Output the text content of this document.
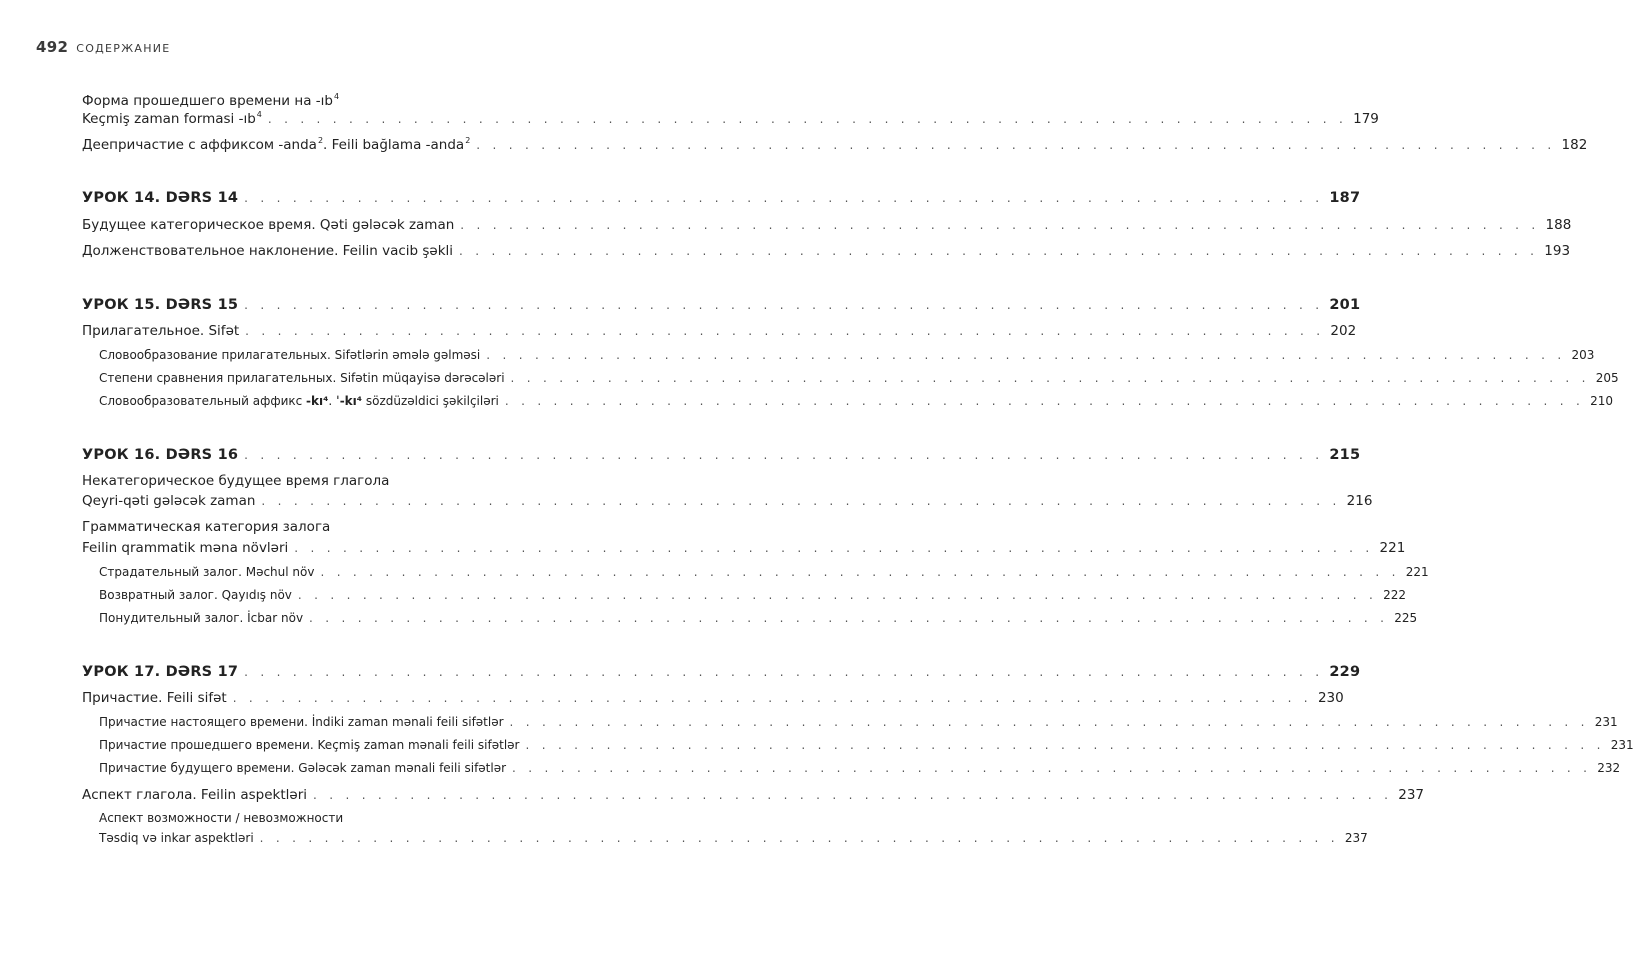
492 СОДЕРЖАНИЕ
Форма прошедшего времени на $-ıb^4$
Keçmiş zaman formasi $-ıb^4$ . . . . . . . . . . . . . . . . . . . . . . . . . . . . . . . . . . . . . . . . . . . . . . . . . . . . . . . . . . . . . . . . . . . 179
Деепричастие с аффиксом -anda$^2$. Feili bağlama -anda$^2$ . . . . . . . . . . . . . . . . . . . . . . . . . . . . . . . . . . . . . . . . . . . . . . . . . . . . . . . . . . . . . . . . . . . 182
УРОК 14. DƏRS 14 . . . . . . . . . . . . . . . . . . . . . . . . . . . . . . . . . . . . . . . . . . . . . . . . . . . . . . . . . . . . . . . . . . . 187
Будущее категорическое время. Qəti gələcək zaman . . . . . . . . . . . . . . . . . . . . . . . . . . . . . . . . . . . . . . . . . . . . . . . . . . . . . . . . . . . . . . . . . . . 188
Долженствовательное наклонение. Feilin vacib şəkli . . . . . . . . . . . . . . . . . . . . . . . . . . . . . . . . . . . . . . . . . . . . . . . . . . . . . . . . . . . . . . . . . . . 193
УРОК 15. DƏRS 15 . . . . . . . . . . . . . . . . . . . . . . . . . . . . . . . . . . . . . . . . . . . . . . . . . . . . . . . . . . . . . . . . . . . 201
Прилагательное. Sifət . . . . . . . . . . . . . . . . . . . . . . . . . . . . . . . . . . . . . . . . . . . . . . . . . . . . . . . . . . . . . . . . . . . 202
Словообразование прилагательных. Sifətlərin əmələ gəlməsi . . . . . . . . . . . . . . . . . . . . . . . . . . . . . . . . . . . . . . . . . . . . . . . . . . . . . . . . . . . . . . . . . . . 203
Степени сравнения прилагательных. Sifətin müqayisə dərəcələri . . . . . . . . . . . . . . . . . . . . . . . . . . . . . . . . . . . . . . . . . . . . . . . . . . . . . . . . . . . . . . . . . . . 205
Словообразовательный аффикс -kı⁴. ˈ-kı⁴ sözdüzəldici şəkilçiləri . . . . . . . . . . . . . . . . . . . . . . . . . . . . . . . . . . . . . . . . . . . . . . . . . . . . . . . . . . . . . . . . . . . 210
УРОК 16. DƏRS 16 . . . . . . . . . . . . . . . . . . . . . . . . . . . . . . . . . . . . . . . . . . . . . . . . . . . . . . . . . . . . . . . . . . . 215
Некатегорическое будущее время глагола
Qeyri-qəti gələcək zaman . . . . . . . . . . . . . . . . . . . . . . . . . . . . . . . . . . . . . . . . . . . . . . . . . . . . . . . . . . . . . . . . . . . 216
Грамматическая категория залога
Feilin qrammatik məna növləri . . . . . . . . . . . . . . . . . . . . . . . . . . . . . . . . . . . . . . . . . . . . . . . . . . . . . . . . . . . . . . . . . . . 221
Страдательный залог. Məchul növ . . . . . . . . . . . . . . . . . . . . . . . . . . . . . . . . . . . . . . . . . . . . . . . . . . . . . . . . . . . . . . . . . . . 221
Возвратный залог. Qayıdış növ . . . . . . . . . . . . . . . . . . . . . . . . . . . . . . . . . . . . . . . . . . . . . . . . . . . . . . . . . . . . . . . . . . . 222
Понудительный залог. İcbar növ . . . . . . . . . . . . . . . . . . . . . . . . . . . . . . . . . . . . . . . . . . . . . . . . . . . . . . . . . . . . . . . . . . . 225
УРОК 17. DƏRS 17 . . . . . . . . . . . . . . . . . . . . . . . . . . . . . . . . . . . . . . . . . . . . . . . . . . . . . . . . . . . . . . . . . . . 229
Причастие. Feili sifət . . . . . . . . . . . . . . . . . . . . . . . . . . . . . . . . . . . . . . . . . . . . . . . . . . . . . . . . . . . . . . . . . . . 230
Причастие настоящего времени. İndiki zaman mənali feili sifətlər . . . . . . . . . . . . . . . . . . . . . . . . . . . . . . . . . . . . . . . . . . . . . . . . . . . . . . . . . . . . . . . . . . . 231
Причастие прошедшего времени. Keçmiş zaman mənali feili sifətlər . . . . . . . . . . . . . . . . . . . . . . . . . . . . . . . . . . . . . . . . . . . . . . . . . . . . . . . . . . . . . . . . . . . 231
Причастие будущего времени. Gələcək zaman mənali feili sifətlər . . . . . . . . . . . . . . . . . . . . . . . . . . . . . . . . . . . . . . . . . . . . . . . . . . . . . . . . . . . . . . . . . . . 232
Аспект глагола. Feilin aspektləri . . . . . . . . . . . . . . . . . . . . . . . . . . . . . . . . . . . . . . . . . . . . . . . . . . . . . . . . . . . . . . . . . . . 237
Аспект возможности / невозможности
Təsdiq və inkar aspektləri . . . . . . . . . . . . . . . . . . . . . . . . . . . . . . . . . . . . . . . . . . . . . . . . . . . . . . . . . . . . . . . . . . . 237
